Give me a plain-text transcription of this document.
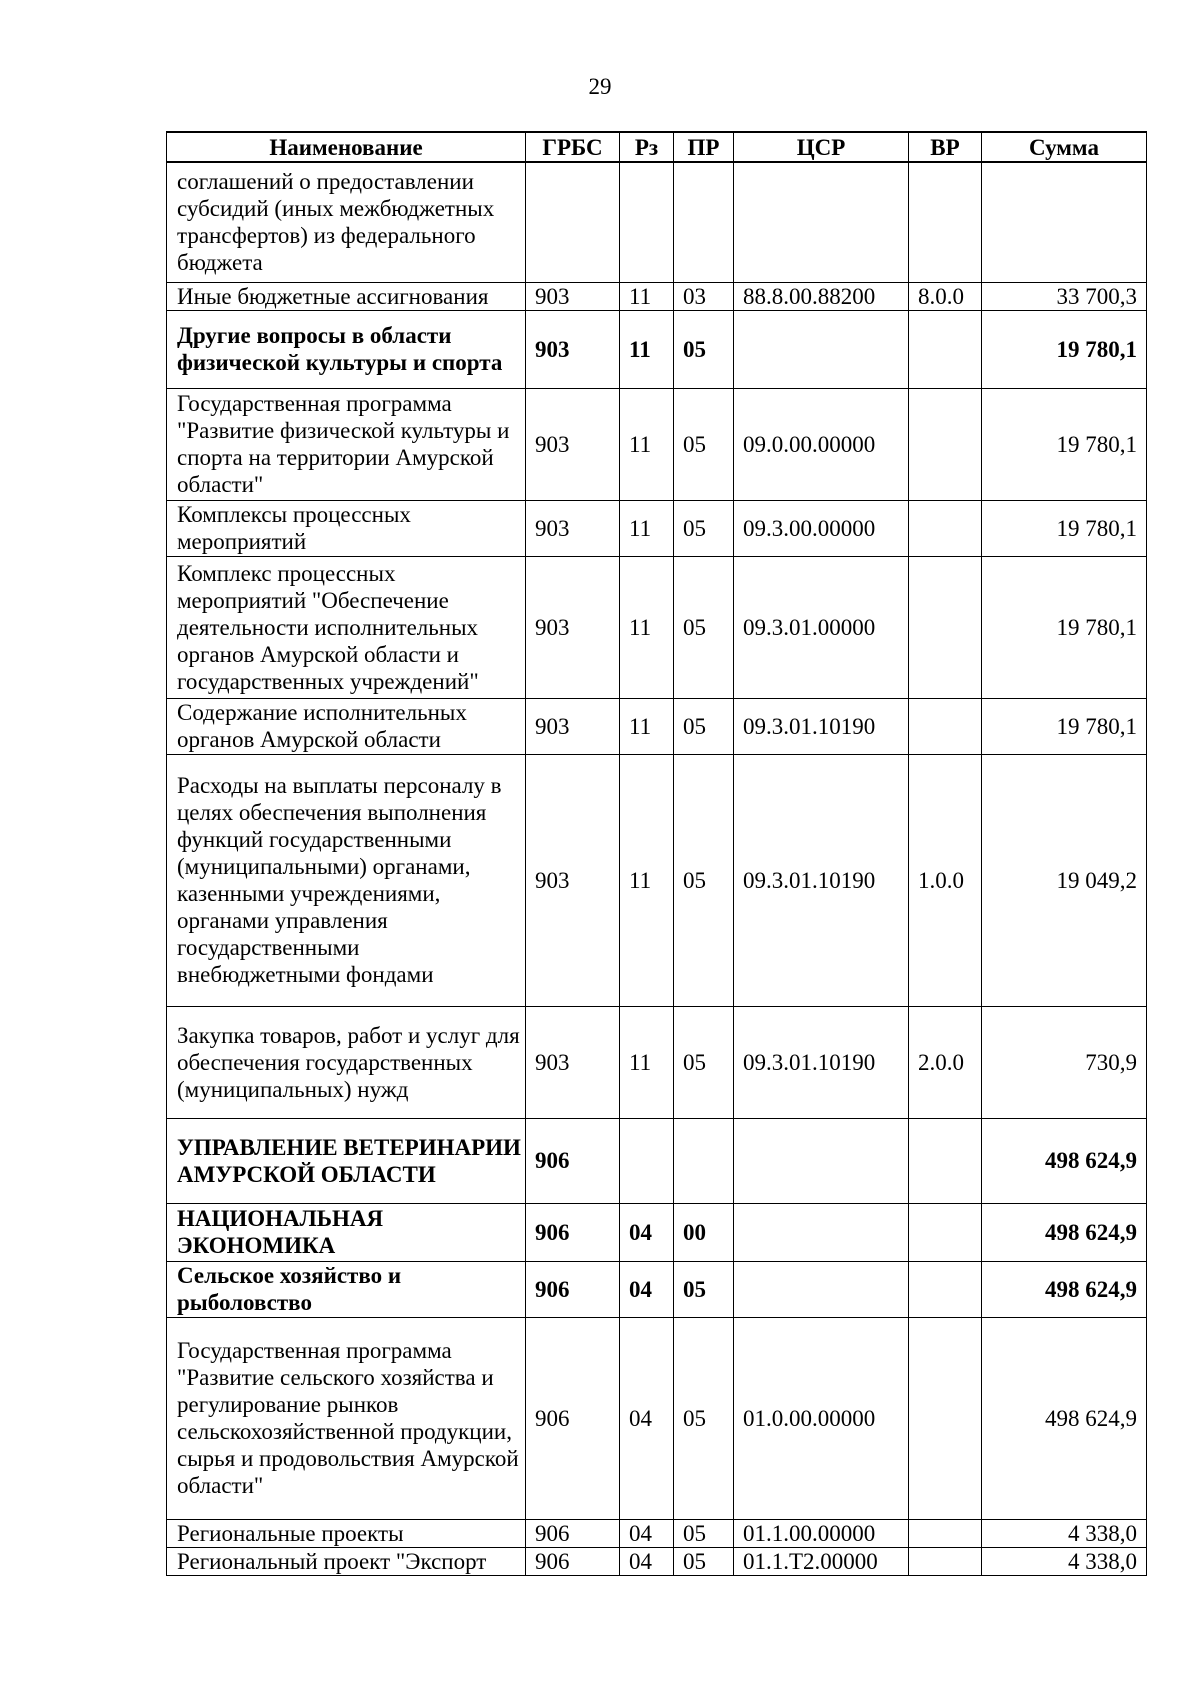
29
Наименование	ГРБС	Рз	ПР	ЦСР	ВР	Сумма
соглашений о предоставлении субсидий (иных межбюджетных трансфертов) из федерального бюджета						
Иные бюджетные ассигнования	903	11	03	88.8.00.88200	8.0.0	33 700,3
Другие вопросы в области физической культуры и спорта	903	11	05			19 780,1
Государственная программа "Развитие физической культуры и спорта на территории Амурской области"	903	11	05	09.0.00.00000		19 780,1
Комплексы процессных мероприятий	903	11	05	09.3.00.00000		19 780,1
Комплекс процессных мероприятий "Обеспечение деятельности исполнительных органов Амурской области и государственных учреждений"	903	11	05	09.3.01.00000		19 780,1
Содержание исполнительных органов Амурской области	903	11	05	09.3.01.10190		19 780,1
Расходы на выплаты персоналу в целях обеспечения выполнения функций государственными (муниципальными) органами, казенными учреждениями, органами управления государственными внебюджетными фондами	903	11	05	09.3.01.10190	1.0.0	19 049,2
Закупка товаров, работ и услуг для обеспечения государственных (муниципальных) нужд	903	11	05	09.3.01.10190	2.0.0	730,9
УПРАВЛЕНИЕ ВЕТЕРИНАРИИ АМУРСКОЙ ОБЛАСТИ	906					498 624,9
НАЦИОНАЛЬНАЯ ЭКОНОМИКА	906	04	00			498 624,9
Сельское хозяйство и рыболовство	906	04	05			498 624,9
Государственная программа "Развитие сельского хозяйства и регулирование рынков сельскохозяйственной продукции, сырья и продовольствия Амурской области"	906	04	05	01.0.00.00000		498 624,9
Региональные проекты	906	04	05	01.1.00.00000		4 338,0
Региональный проект "Экспорт	906	04	05	01.1.Т2.00000		4 338,0
